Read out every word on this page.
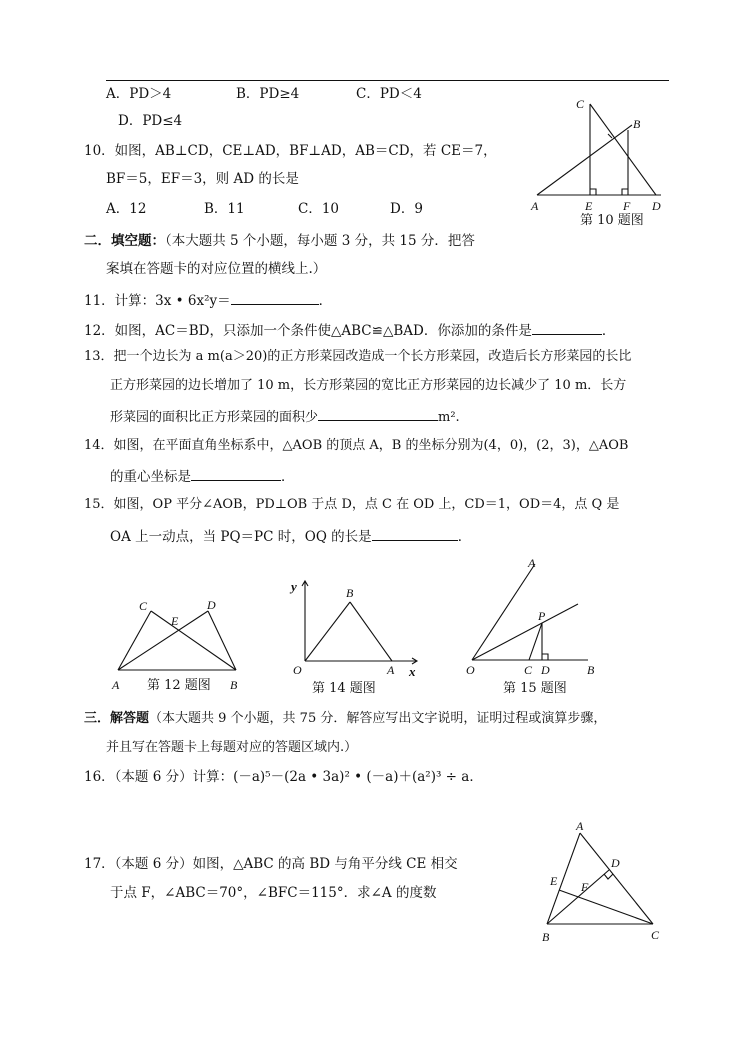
A．PD＞4	B．PD≥4	C．PD＜4
D．PD≤4
10．如图，AB⊥CD，CE⊥AD，BF⊥AD，AB＝CD，若 CE＝7，
BF＝5，EF＝3，则 AD 的长是
A．12	B．11	C．10	D．9
C
B
A	E	F D
第 10 题图
二．填空题：（本大题共 5 个小题，每小题 3 分，共 15 分．把答
案填在答题卡的对应位置的横线上.）
11．计算：3x • 6x²y＝	．
12．如图，AC＝BD，只添加一个条件使△ABC≌△BAD．你添加的条件是	．
13．把一个边长为 a m(a＞20)的正方形菜园改造成一个长方形菜园，改造后长方形菜园的长比
正方形菜园的边长增加了 10 m，长方形菜园的宽比正方形菜园的边长减少了 10 m．长方
形菜园的面积比正方形菜园的面积少	m².
14．如图，在平面直角坐标系中，△AOB 的顶点 A，B 的坐标分别为(4，0)，(2，3)，△AOB
的重心坐标是	．
15．如图，OP 平分∠AOB，PD⊥OB 于点 D，点 C 在 OD 上，CD＝1，OD＝4，点 Q 是
OA 上一动点，当 PQ＝PC 时，OQ 的长是	．
C
E
D
A	B
第 12 题图
y	B
O	A x
第 14 题图
A
P
O	C D	B
第 15 题图
三．解答题（本大题共 9 个小题，共 75 分．解答应写出文字说明，证明过程或演算步骤，
并且写在答题卡上每题对应的答题区域内.）
16．（本题 6 分）计算：(－a)⁵－(2a • 3a)² • (－a)＋(a²)³ ÷ a．
17．（本题 6 分）如图，△ABC 的高 BD 与角平分线 CE 相交
于点 F，∠ABC＝70°，∠BFC＝115°．求∠A 的度数
A
D
E F
B	C
